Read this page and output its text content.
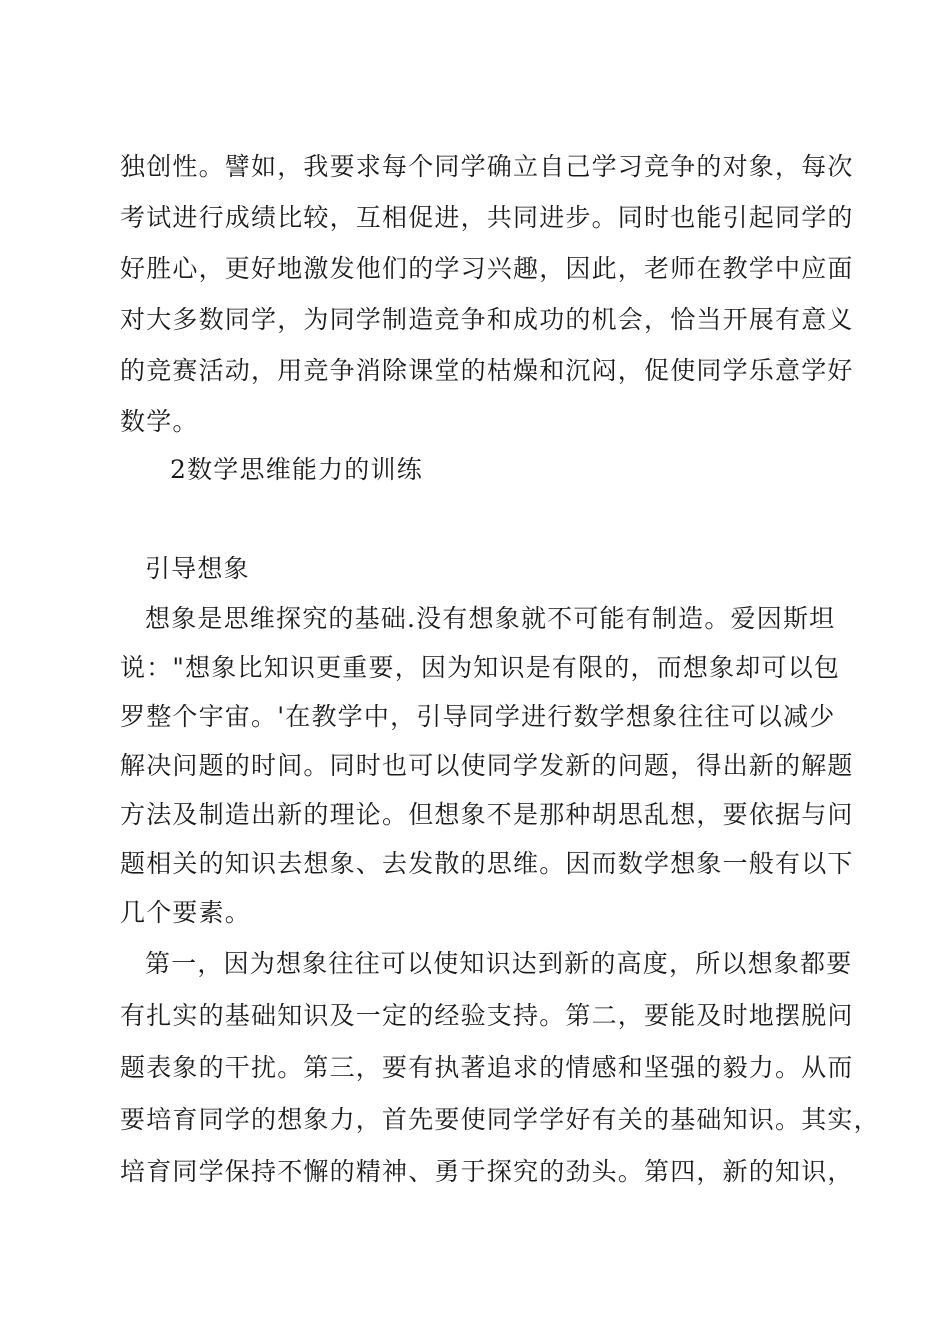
独创性。譬如，我要求每个同学确立自己学习竞争的对象，每次
考试进行成绩比较，互相促进，共同进步。同时也能引起同学的
好胜心，更好地激发他们的学习兴趣，因此，老师在教学中应面
对大多数同学，为同学制造竞争和成功的机会，恰当开展有意义
的竞赛活动，用竞争消除课堂的枯燥和沉闷，促使同学乐意学好
数学。
2数学思维能力的训练
引导想象
想象是思维探究的基础.没有想象就不可能有制造。爱因斯坦
说："想象比知识更重要，因为知识是有限的，而想象却可以包
罗整个宇宙。'在教学中，引导同学进行数学想象往往可以减少
解决问题的时间。同时也可以使同学发新的问题，得出新的解题
方法及制造出新的理论。但想象不是那种胡思乱想，要依据与问
题相关的知识去想象、去发散的思维。因而数学想象一般有以下
几个要素。
第一，因为想象往往可以使知识达到新的高度，所以想象都要
有扎实的基础知识及一定的经验支持。第二，要能及时地摆脱问
题表象的干扰。第三，要有执著追求的情感和坚强的毅力。从而
要培育同学的想象力，首先要使同学学好有关的基础知识。其实，
培育同学保持不懈的精神、勇于探究的劲头。第四，新的知识，
